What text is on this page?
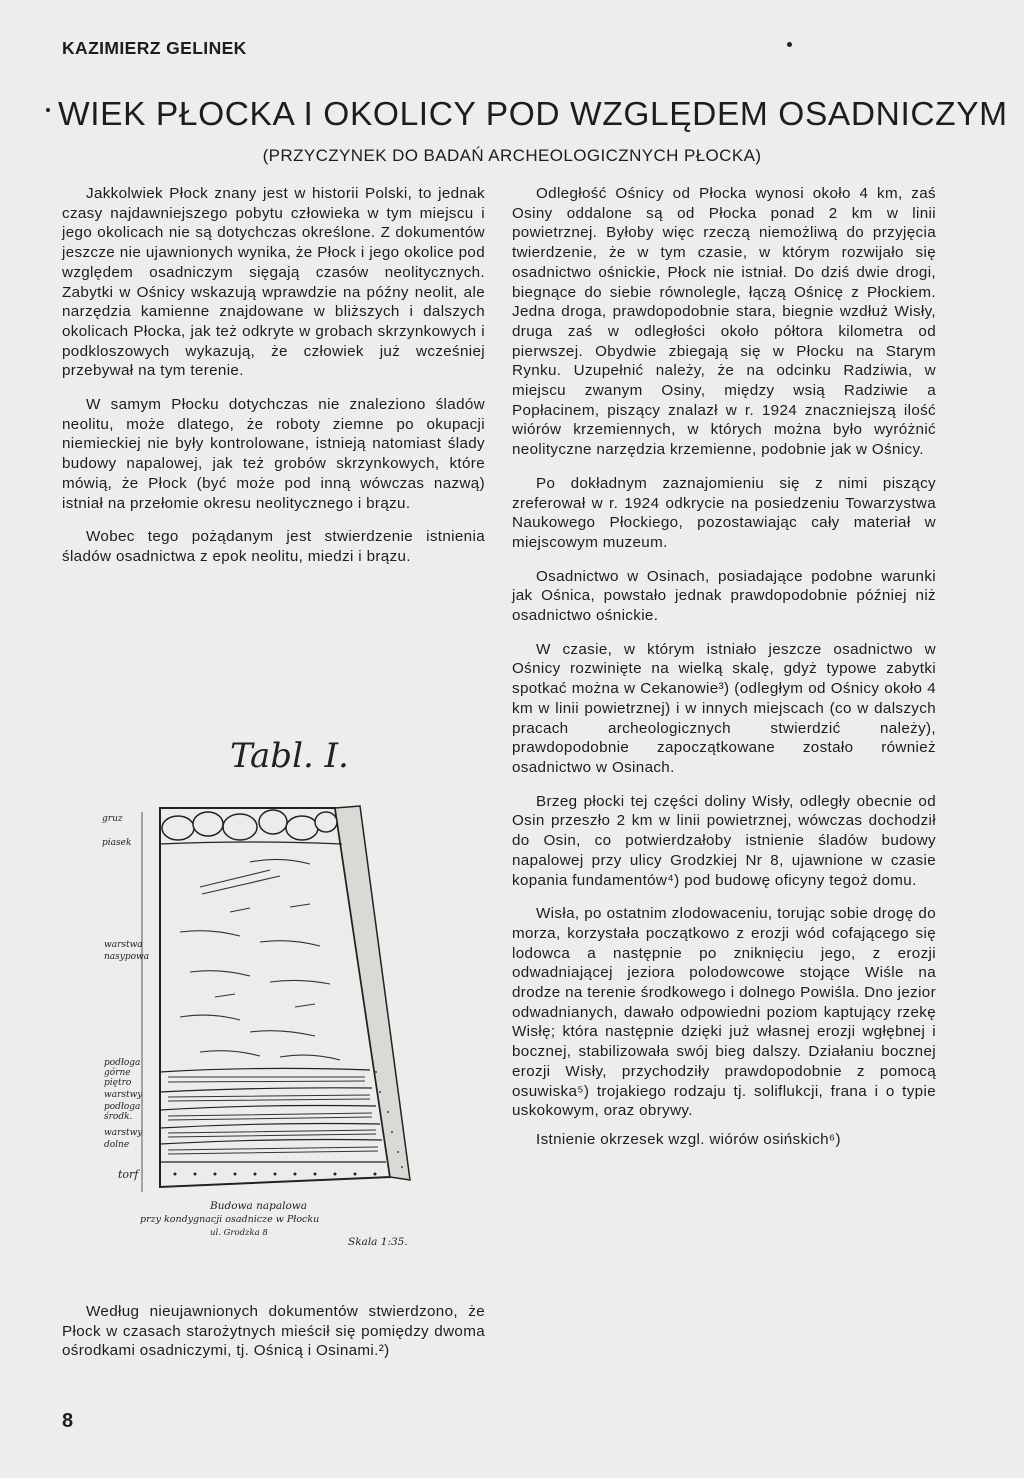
KAZIMIERZ GELINEK
WIEK PŁOCKA I OKOLICY POD WZGLĘDEM OSADNICZYM
(PRZYCZYNEK DO BADAŃ ARCHEOLOGICZNYCH PŁOCKA)

Jakkolwiek Płock znany jest w historii Polski, to jednak czasy najdawniejszego pobytu człowieka w tym miejscu i jego okolicach nie są dotychczas określone. Z dokumentów jeszcze nie ujawnionych wynika, że Płock i jego okolice pod względem osadniczym sięgają czasów neolitycznych. Zabytki w Ośnicy wskazują wprawdzie na późny neolit, ale narzędzia kamienne znajdowane w bliższych i dalszych okolicach Płocka, jak też odkryte w grobach skrzynkowych i podkloszowych wykazują, że człowiek już wcześniej przebywał na tym terenie.

W samym Płocku dotychczas nie znaleziono śladów neolitu, może dlatego, że roboty ziemne po okupacji niemieckiej nie były kontrolowane, istnieją natomiast ślady budowy napalowej, jak też grobów skrzynkowych, które mówią, że Płock (być może pod inną wówczas nazwą) istniał na przełomie okresu neolitycznego i brązu.

Wobec tego pożądanym jest stwierdzenie istnienia śladów osadnictwa z epok neolitu, miedzi i brązu.

Tabl. I.
gruz
piasek
warstwa
nasypowa
podłoga
górne
piętro
warstwy
podłoga
środk.
warstwy
dolne
torf
Budowa napalowa
przy kondygnacji osadnicze w Płocku
ul. Grodzka 8
Skala 1:35.

Według nieujawnionych dokumentów stwierdzono, że Płock w czasach starożytnych mieścił się pomiędzy dwoma ośrodkami osadniczymi, tj. Ośnicą i Osinami.²)

Odległość Ośnicy od Płocka wynosi około 4 km, zaś Osiny oddalone są od Płocka ponad 2 km w linii powietrznej. Byłoby więc rzeczą niemożliwą do przyjęcia twierdzenie, że w tym czasie, w którym rozwijało się osadnictwo ośnickie, Płock nie istniał. Do dziś dwie drogi, biegnące do siebie równolegle, łączą Ośnicę z Płockiem. Jedna droga, prawdopodobnie stara, biegnie wzdłuż Wisły, druga zaś w odległości około półtora kilometra od pierwszej. Obydwie zbiegają się w Płocku na Starym Rynku. Uzupełnić należy, że na odcinku Radziwia, w miejscu zwanym Osiny, między wsią Radziwie a Popłacinem, piszący znalazł w r. 1924 znaczniejszą ilość wiórów krzemiennych, w których można było wyróżnić neolityczne narzędzia krzemienne, podobnie jak w Ośnicy.

Po dokładnym zaznajomieniu się z nimi piszący zreferował w r. 1924 odkrycie na posiedzeniu Towarzystwa Naukowego Płockiego, pozostawiając cały materiał w miejscowym muzeum.

Osadnictwo w Osinach, posiadające podobne warunki jak Ośnica, powstało jednak prawdopodobnie później niż osadnictwo ośnickie.

W czasie, w którym istniało jeszcze osadnictwo w Ośnicy rozwinięte na wielką skalę, gdyż typowe zabytki spotkać można w Cekanowie³) (odległym od Ośnicy około 4 km w linii powietrznej) i w innych miejscach (co w dalszych pracach archeologicznych stwierdzić należy), prawdopodobnie zapoczątkowane zostało również osadnictwo w Osinach.

Brzeg płocki tej części doliny Wisły, odległy obecnie od Osin przeszło 2 km w linii powietrznej, wówczas dochodził do Osin, co potwierdzałoby istnienie śladów budowy napalowej przy ulicy Grodzkiej Nr 8, ujawnione w czasie kopania fundamentów⁴) pod budowę oficyny tegoż domu.

Wisła, po ostatnim zlodowaceniu, torując sobie drogę do morza, korzystała początkowo z erozji wód cofającego się lodowca a następnie po zniknięciu jego, z erozji odwadniającej jeziora polodowcowe stojące Wiśle na drodze na terenie środkowego i dolnego Powiśla. Dno jezior odwadnianych, dawało odpowiedni poziom kaptujący rzekę Wisłę; która następnie dzięki już własnej erozji wgłębnej i bocznej, stabilizowała swój bieg dalszy. Działaniu bocznej erozji Wisły, przychodziły prawdopodobnie z pomocą osuwiska⁵) trojakiego rodzaju tj. soliflukcji, frana i o typie uskokowym, oraz obrywy.

Istnienie okrzesek wzgl. wiórów osińskich⁶)

8
